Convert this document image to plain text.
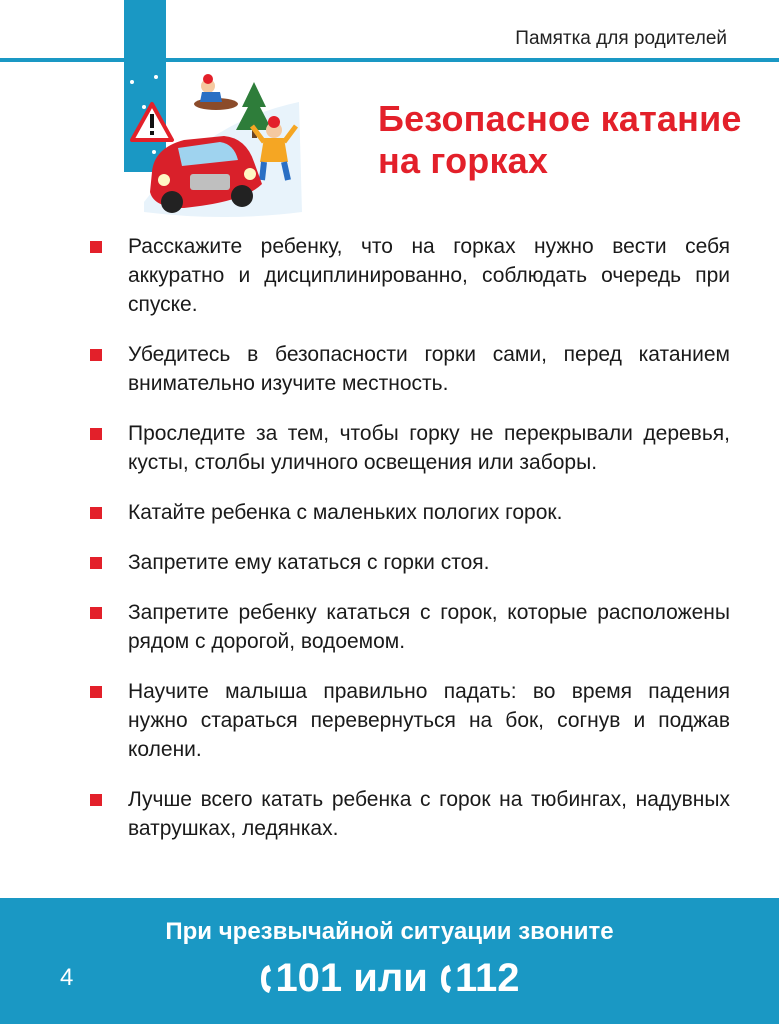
Памятка для родителей
Безопасное катание
на горках
Расскажите ребенку, что на горках нужно вести себя аккуратно и дисциплинированно, соблюдать очередь при спуске.
Убедитесь в безопасности горки сами, перед катанием внимательно изучите местность.
Проследите за тем, чтобы горку не перекрывали деревья, кусты, столбы уличного освещения или заборы.
Катайте ребенка с маленьких пологих горок.
Запретите ему кататься с горки стоя.
Запретите ребенку кататься с горок, которые расположены рядом с дорогой, водоемом.
Научите малыша правильно падать: во время падения нужно стараться перевернуться на бок, согнув и поджав колени.
Лучше всего катать ребенка с горок на тюбингах, надувных ватрушках, ледянках.
При чрезвычайной ситуации звоните
101 или 112
4
